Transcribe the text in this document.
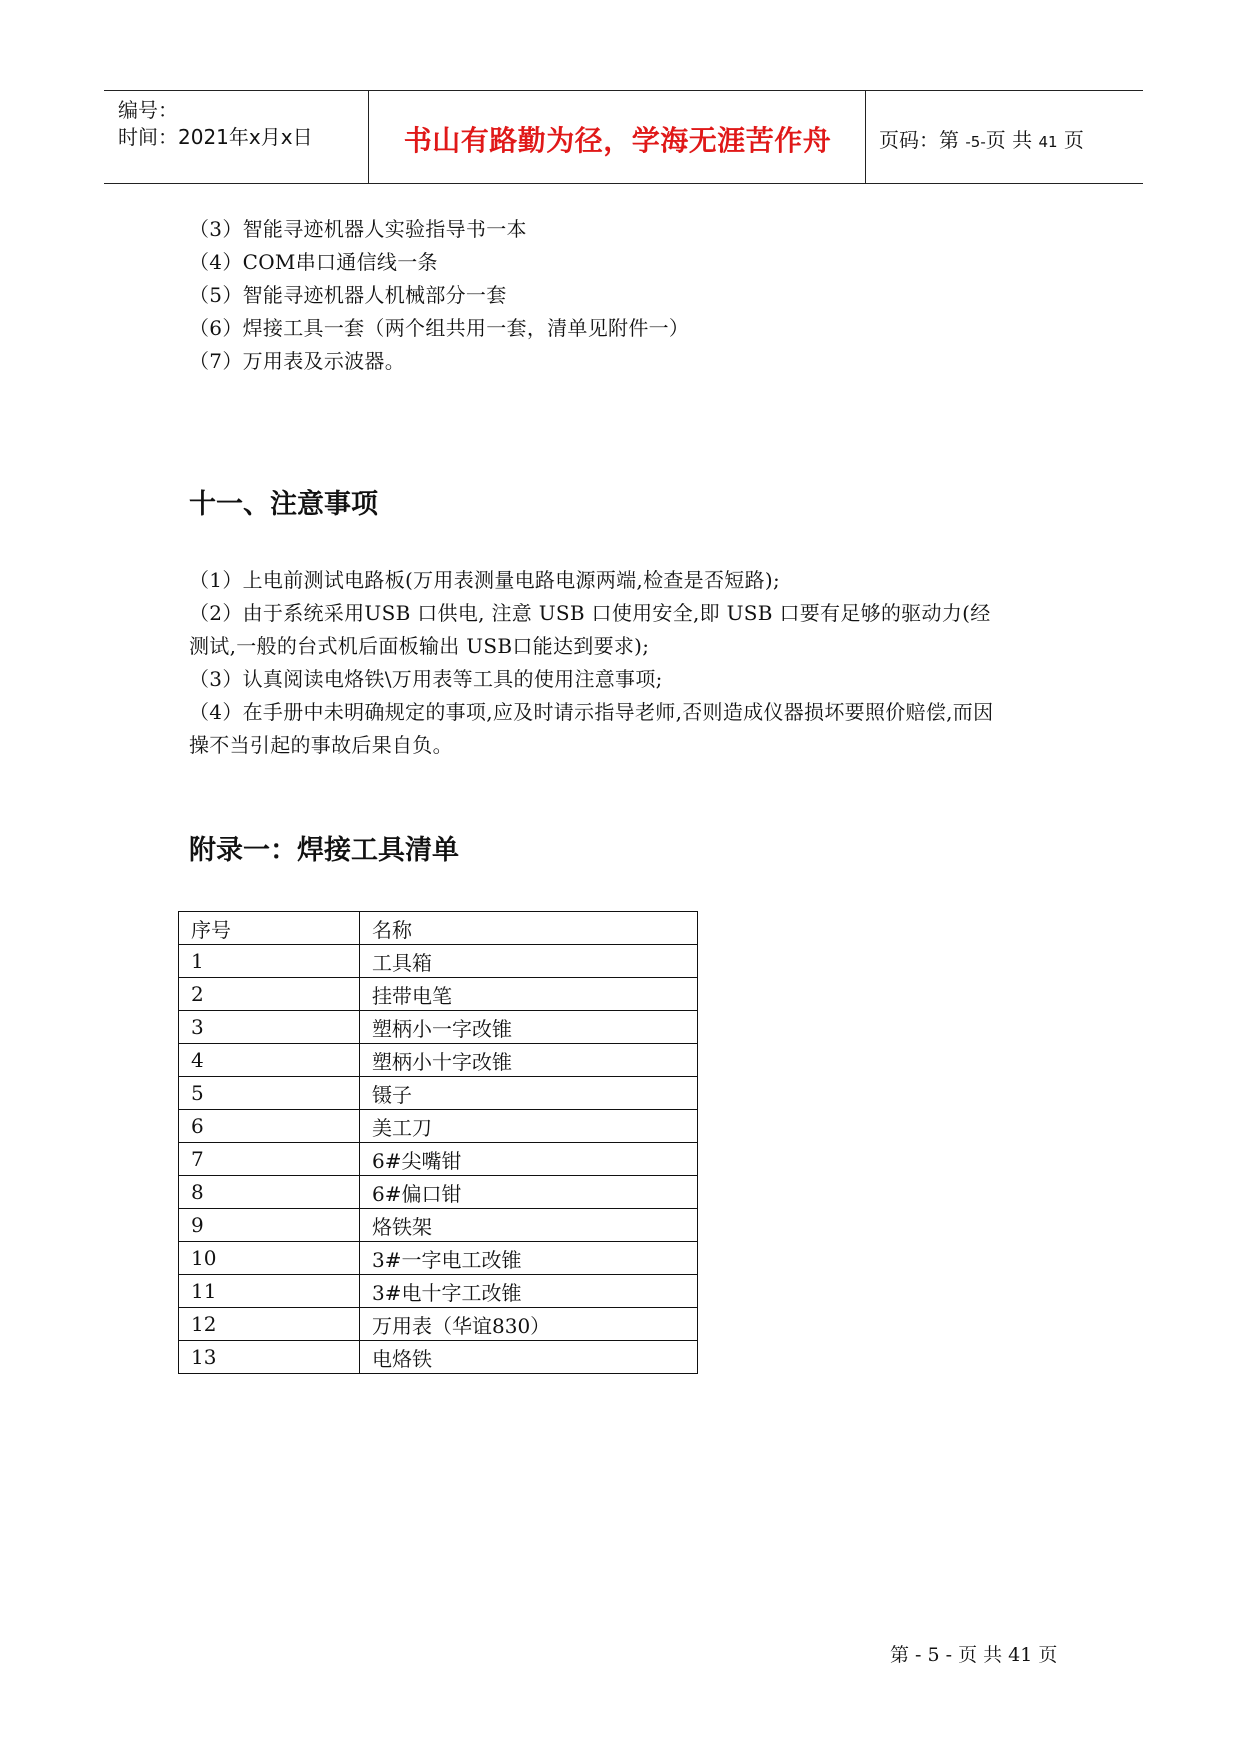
编号：
时间：2021年x月x日	书山有路勤为径，学海无涯苦作舟	页码：第 -5-页 共 41 页
（3）智能寻迹机器人实验指导书一本
（4）COM串口通信线一条
（5）智能寻迹机器人机械部分一套
（6）焊接工具一套（两个组共用一套，清单见附件一）
（7）万用表及示波器。
十一、注意事项
（1）上电前测试电路板(万用表测量电路电源两端,检查是否短路);
（2）由于系统采用USB 口供电, 注意 USB 口使用安全,即 USB 口要有足够的驱动力(经
测试,一般的台式机后面板输出 USB口能达到要求);
（3）认真阅读电烙铁\万用表等工具的使用注意事项;
（4）在手册中未明确规定的事项,应及时请示指导老师,否则造成仪器损坏要照价赔偿,而因
操不当引起的事故后果自负。
附录一：焊接工具清单
序号	名称
1	工具箱
2	挂带电笔
3	塑柄小一字改锥
4	塑柄小十字改锥
5	镊子
6	美工刀
7	6#尖嘴钳
8	6#偏口钳
9	烙铁架
10	3#一字电工改锥
11	3#电十字工改锥
12	万用表（华谊830）
13	电烙铁
第 - 5 - 页 共 41 页
